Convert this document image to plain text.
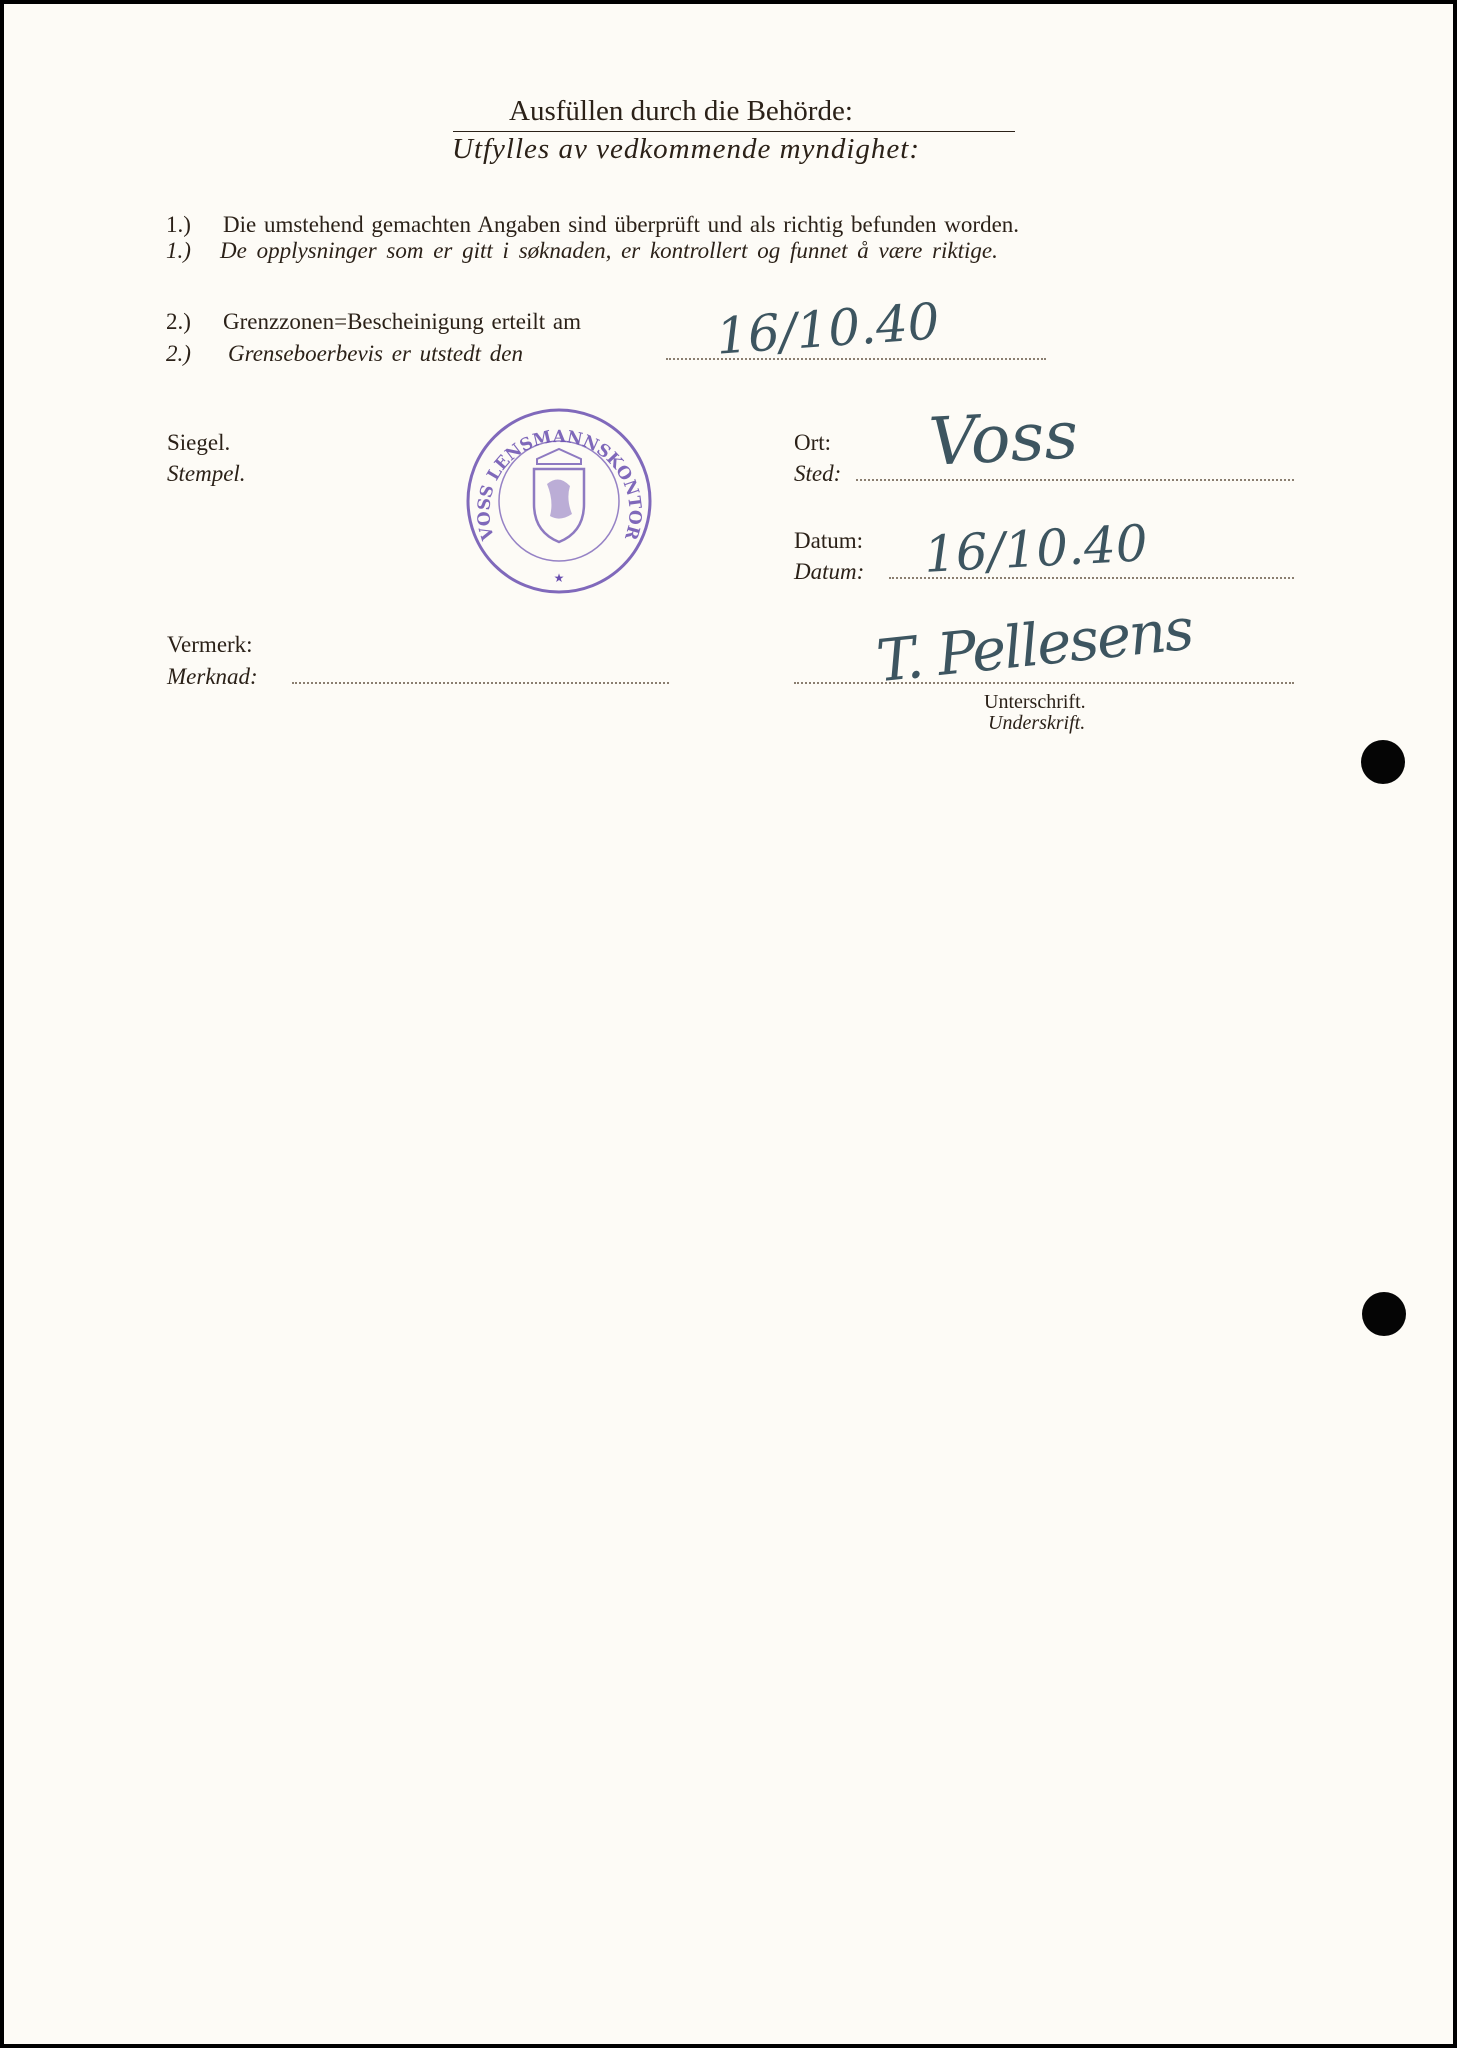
Ausfüllen durch die Behörde:
Utfylles av vedkommende myndighet:
1.) Die umstehend gemachten Angaben sind überprüft und als richtig befunden worden.
1.) De opplysninger som er gitt i søknaden, er kontrollert og funnet å være riktige.
2.) Grenzzonen=Bescheinigung erteilt am
2.) Grenseboerbevis er utstedt den	16/10.40
Siegel.
Stempel.
VOSS LENSMANNSKONTOR
★
Ort:
Sted: Voss
Datum:
Datum: 16/10.40
Vermerk:
Merknad:	T. Pellesens
Unterschrift.
Underskrift.
